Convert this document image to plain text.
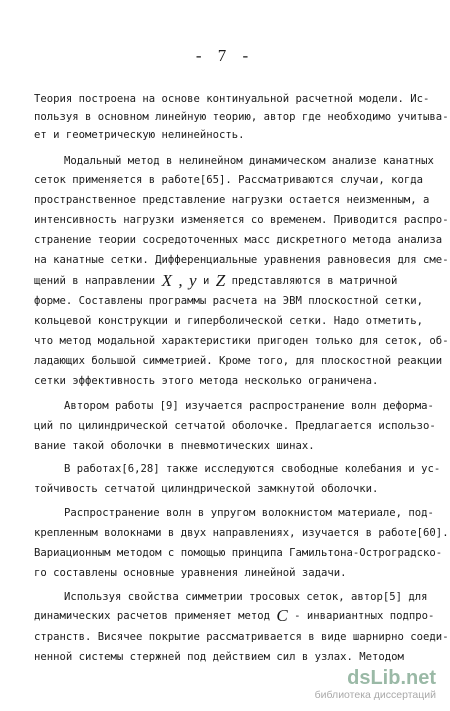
- 7 -
Теория построена на основе континуальной расчетной модели. Ис-
пользуя в основном линейную теорию, автор где необходимо учитыва-
ет и геометрическую нелинейность.
Модальный метод в нелинейном динамическом анализе канатных
сеток применяется в работе[65]. Рассматриваются случаи, когда
пространственное представление нагрузки остается неизменным, а
интенсивность нагрузки изменяется со временем. Приводится распро-
странение теории сосредоточенных масс дискретного метода анализа
на канатные сетки. Дифференциальные уравнения равновесия для сме-
щений в направлении X , y и Z представляются в матричной
форме. Составлены программы расчета на ЭВМ плоскостной сетки,
кольцевой конструкции и гиперболической сетки. Надо отметить,
что метод модальной характеристики пригоден только для сеток, об-
ладающих большой симметрией. Кроме того, для плоскостной реакции
сетки эффективность этого метода несколько ограничена.
Автором работы [9] изучается распространение волн деформа-
ций по цилиндрической сетчатой оболочке. Предлагается использо-
вание такой оболочки в пневмотических шинах.
В работах[6,28] также исследуются свободные колебания и ус-
тойчивость сетчатой цилиндрической замкнутой оболочки.
Распространение волн в упругом волокнистом материале, под-
крепленным волокнами в двух направлениях, изучается в работе[60].
Вариационным методом с помощью принципа Гамильтона-Остроградско-
го составлены основные уравнения линейной задачи.
Используя свойства симметрии тросовых сеток, автор[5] для
динамических расчетов применяет метод C - инвариантных подпро-
странств. Висячее покрытие рассматривается в виде шарнирно соеди-
ненной системы стержней под действием сил в узлах. Методом
dsLib.net
библиотека диссертаций
